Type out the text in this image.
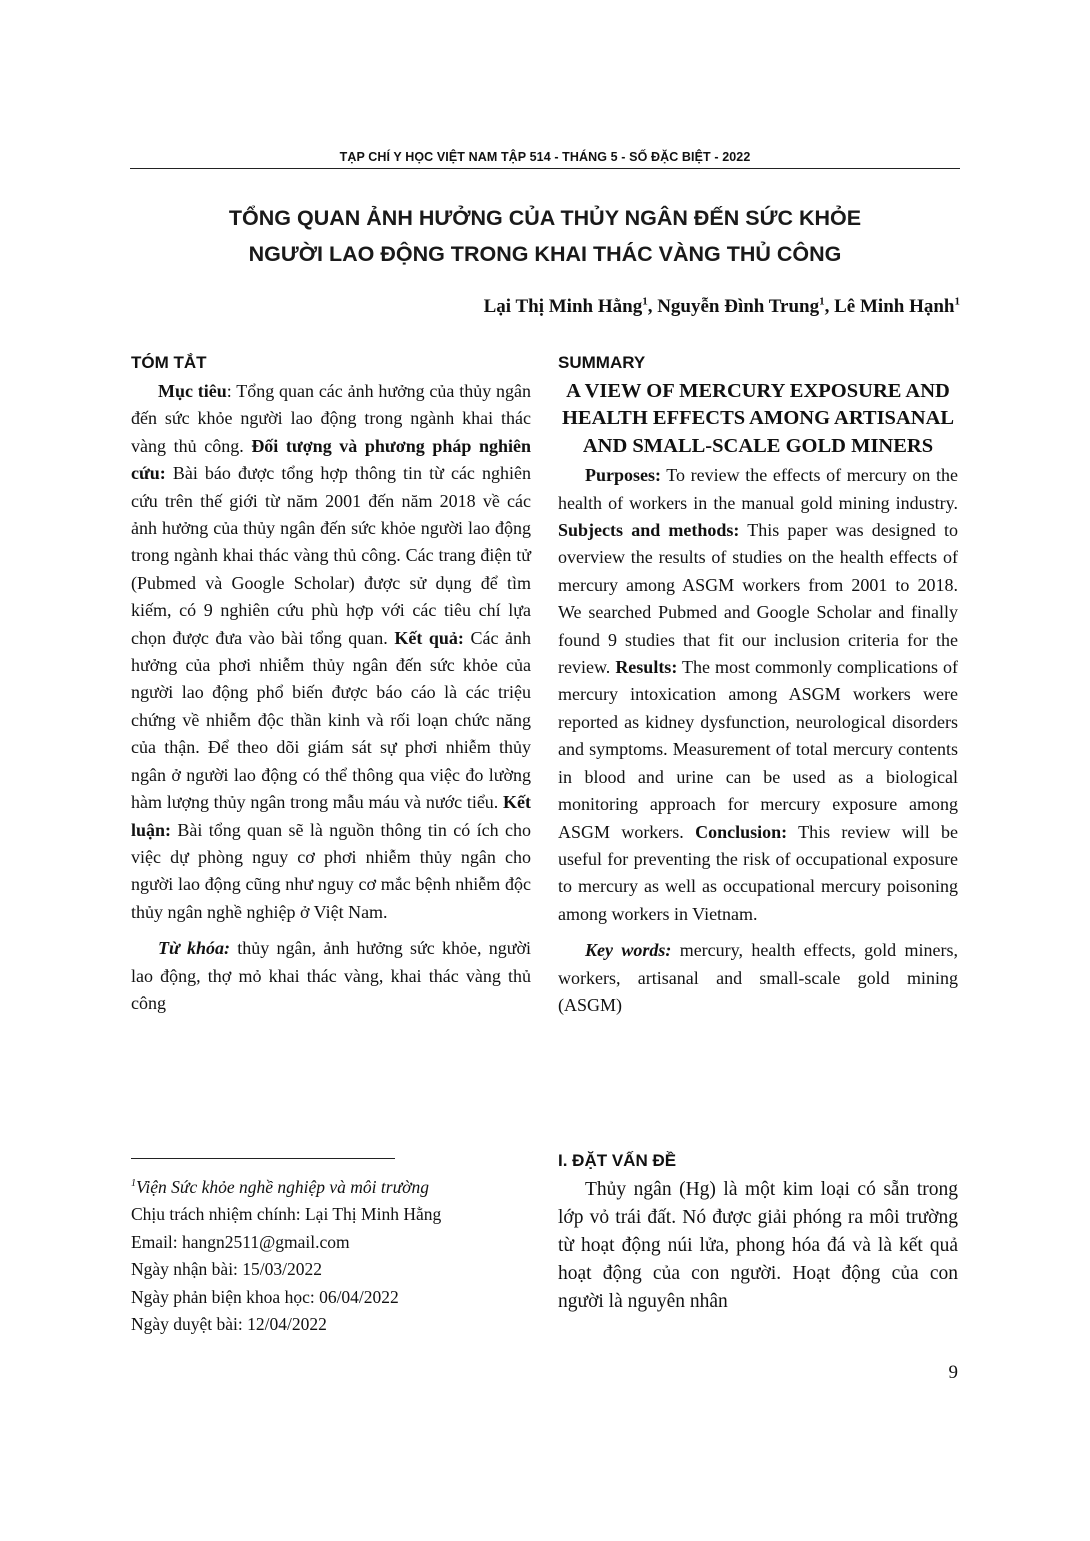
TẠP CHÍ Y HỌC VIỆT NAM TẬP 514 - THÁNG 5 - SỐ ĐẶC BIỆT - 2022
TỔNG QUAN ẢNH HƯỞNG CỦA THỦY NGÂN ĐẾN SỨC KHỎE
NGƯỜI LAO ĐỘNG TRONG KHAI THÁC VÀNG THỦ CÔNG
Lại Thị Minh Hằng$^1$, Nguyễn Đình Trung$^1$, Lê Minh Hạnh$^1$
TÓM TẮT

Mục tiêu: Tổng quan các ảnh hưởng của thủy ngân đến sức khỏe người lao động trong ngành khai thác vàng thủ công. Đối tượng và phương pháp nghiên cứu: Bài báo được tổng hợp thông tin từ các nghiên cứu trên thế giới từ năm 2001 đến năm 2018 về các ảnh hưởng của thủy ngân đến sức khỏe người lao động trong ngành khai thác vàng thủ công. Các trang điện tử (Pubmed và Google Scholar) được sử dụng để tìm kiếm, có 9 nghiên cứu phù hợp với các tiêu chí lựa chọn được đưa vào bài tổng quan. Kết quả: Các ảnh hưởng của phơi nhiễm thủy ngân đến sức khỏe của người lao động phổ biến được báo cáo là các triệu chứng về nhiễm độc thần kinh và rối loạn chức năng của thận. Để theo dõi giám sát sự phơi nhiễm thủy ngân ở người lao động có thể thông qua việc đo lường hàm lượng thủy ngân trong mẫu máu và nước tiểu. Kết luận: Bài tổng quan sẽ là nguồn thông tin có ích cho việc dự phòng nguy cơ phơi nhiễm thủy ngân cho người lao động cũng như nguy cơ mắc bệnh nhiễm độc thủy ngân nghề nghiệp ở Việt Nam.

Từ khóa: thủy ngân, ảnh hưởng sức khỏe, người lao động, thợ mỏ khai thác vàng, khai thác vàng thủ công

SUMMARY
A VIEW OF MERCURY EXPOSURE AND HEALTH EFFECTS AMONG ARTISANAL AND SMALL-SCALE GOLD MINERS

Purposes: To review the effects of mercury on the health of workers in the manual gold mining industry. Subjects and methods: This paper was designed to overview the results of studies on the health effects of mercury among ASGM workers from 2001 to 2018. We searched Pubmed and Google Scholar and finally found 9 studies that fit our inclusion criteria for the review. Results: The most commonly complications of mercury intoxication among ASGM workers were reported as kidney dysfunction, neurological disorders and symptoms. Measurement of total mercury contents in blood and urine can be used as a biological monitoring approach for mercury exposure among ASGM workers. Conclusion: This review will be useful for preventing the risk of occupational exposure to mercury as well as occupational mercury poisoning among workers in Vietnam.

Key words: mercury, health effects, gold miners, workers, artisanal and small-scale gold mining (ASGM)

$^1$Viện Sức khỏe nghề nghiệp và môi trường
Chịu trách nhiệm chính: Lại Thị Minh Hằng
Email: hangn2511@gmail.com
Ngày nhận bài: 15/03/2022
Ngày phản biện khoa học: 06/04/2022
Ngày duyệt bài: 12/04/2022
I. ĐẶT VẤN ĐỀ

Thủy ngân (Hg) là một kim loại có sẵn trong lớp vỏ trái đất. Nó được giải phóng ra môi trường từ hoạt động núi lửa, phong hóa đá và là kết quả hoạt động của con người. Hoạt động của con người là nguyên nhân

9
